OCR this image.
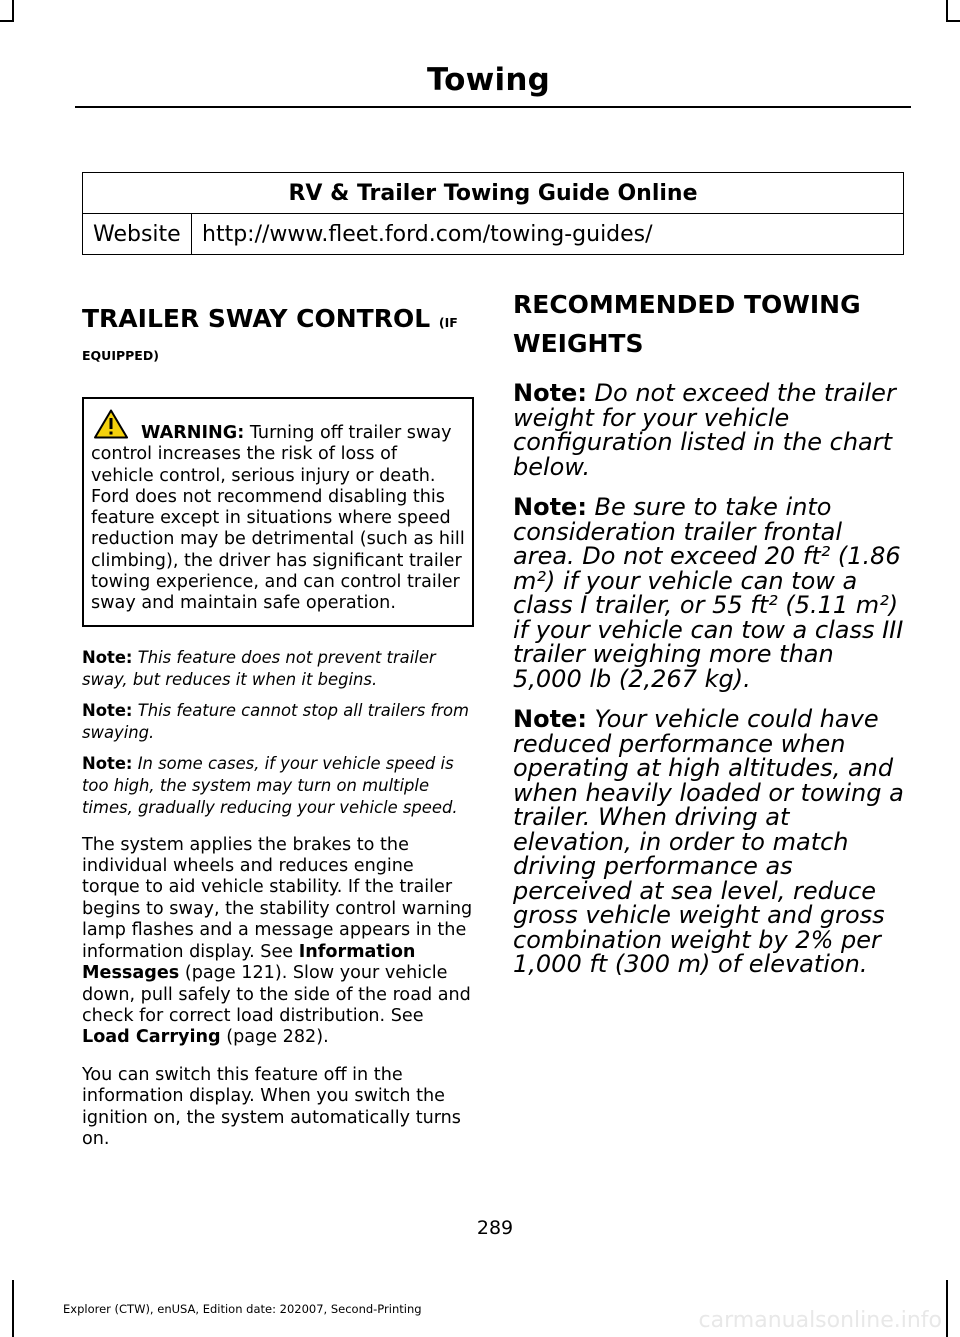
Towing
RV & Trailer Towing Guide Online
Website	http://www.fleet.ford.com/towing-guides/

TRAILER SWAY CONTROL (IF

EQUIPPED)

WARNING: Turning off trailer sway control increases the risk of loss of vehicle control, serious injury or death. Ford does not recommend disabling this feature except in situations where speed reduction may be detrimental (such as hill climbing), the driver has significant trailer towing experience, and can control trailer sway and maintain safe operation.

Note: This feature does not prevent trailer sway, but reduces it when it begins.

Note: This feature cannot stop all trailers from swaying.

Note: In some cases, if your vehicle speed is too high, the system may turn on multiple times, gradually reducing your vehicle speed.

The system applies the brakes to the individual wheels and reduces engine torque to aid vehicle stability. If the trailer begins to sway, the stability control warning lamp flashes and a message appears in the information display. See Information Messages (page 121). Slow your vehicle down, pull safely to the side of the road and check for correct load distribution. See Load Carrying (page 282).

You can switch this feature off in the information display. When you switch the ignition on, the system automatically turns on.

RECOMMENDED TOWING
WEIGHTS

Note: Do not exceed the trailer weight for your vehicle configuration listed in the chart below.

Note: Be sure to take into consideration trailer frontal area. Do not exceed 20 ft² (1.86 m²) if your vehicle can tow a class I trailer, or 55 ft² (5.11 m²) if your vehicle can tow a class III trailer weighing more than 5,000 lb (2,267 kg).

Note: Your vehicle could have reduced performance when operating at high altitudes, and when heavily loaded or towing a trailer. When driving at elevation, in order to match driving performance as perceived at sea level, reduce gross vehicle weight and gross combination weight by 2% per 1,000 ft (300 m) of elevation.

289
Explorer (CTW), enUSA, Edition date: 202007, Second-Printing	carmanualsonline.info
